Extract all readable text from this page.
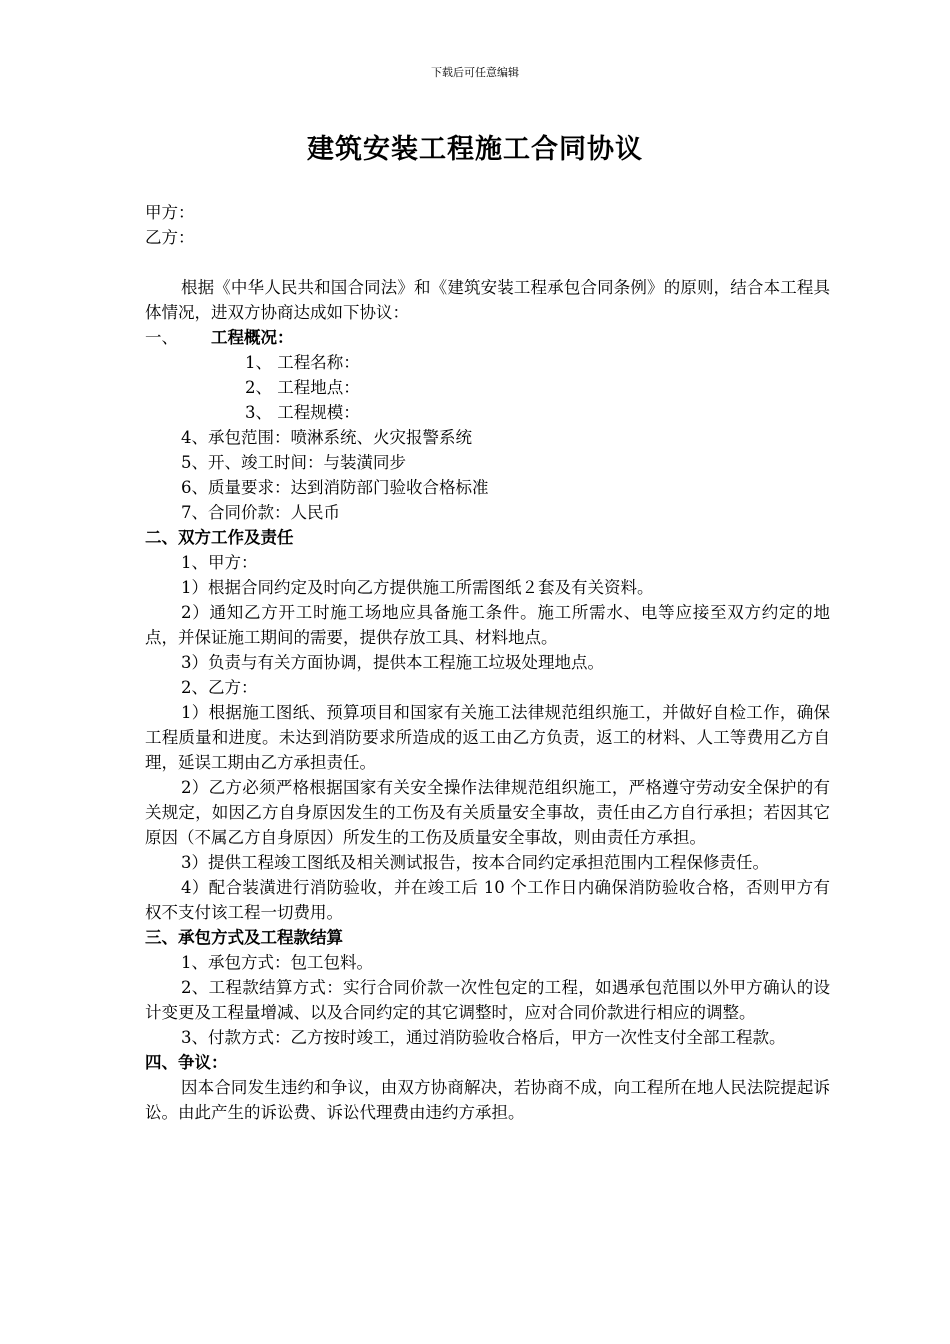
下载后可任意编辑
建筑安装工程施工合同协议

甲方：

乙方：

根据《中华人民共和国合同法》和《建筑安装工程承包合同条例》的原则，结合本工程具体情况，进双方协商达成如下协议：

一、 工程概况：

1、 工程名称：

2、 工程地点：

3、 工程规模：

4、承包范围：喷淋系统、火灾报警系统

5、开、竣工时间：与装潢同步

6、质量要求：达到消防部门验收合格标准

7、合同价款：人民币

二、双方工作及责任

1、甲方：

1）根据合同约定及时向乙方提供施工所需图纸２套及有关资料。

2）通知乙方开工时施工场地应具备施工条件。施工所需水、电等应接至双方约定的地点，并保证施工期间的需要，提供存放工具、材料地点。

3）负责与有关方面协调，提供本工程施工垃圾处理地点。

2、乙方：

1）根据施工图纸、预算项目和国家有关施工法律规范组织施工，并做好自检工作，确保工程质量和进度。未达到消防要求所造成的返工由乙方负责，返工的材料、人工等费用乙方自理，延误工期由乙方承担责任。

2）乙方必须严格根据国家有关安全操作法律规范组织施工，严格遵守劳动安全保护的有关规定，如因乙方自身原因发生的工伤及有关质量安全事故，责任由乙方自行承担；若因其它原因（不属乙方自身原因）所发生的工伤及质量安全事故，则由责任方承担。

3）提供工程竣工图纸及相关测试报告，按本合同约定承担范围内工程保修责任。

4）配合装潢进行消防验收，并在竣工后 10 个工作日内确保消防验收合格，否则甲方有权不支付该工程一切费用。

三、承包方式及工程款结算

1、承包方式：包工包料。

2、工程款结算方式：实行合同价款一次性包定的工程，如遇承包范围以外甲方确认的设计变更及工程量增减、以及合同约定的其它调整时，应对合同价款进行相应的调整。

3、付款方式：乙方按时竣工，通过消防验收合格后，甲方一次性支付全部工程款。

四、争议：

因本合同发生违约和争议，由双方协商解决，若协商不成，向工程所在地人民法院提起诉讼。由此产生的诉讼费、诉讼代理费由违约方承担。
